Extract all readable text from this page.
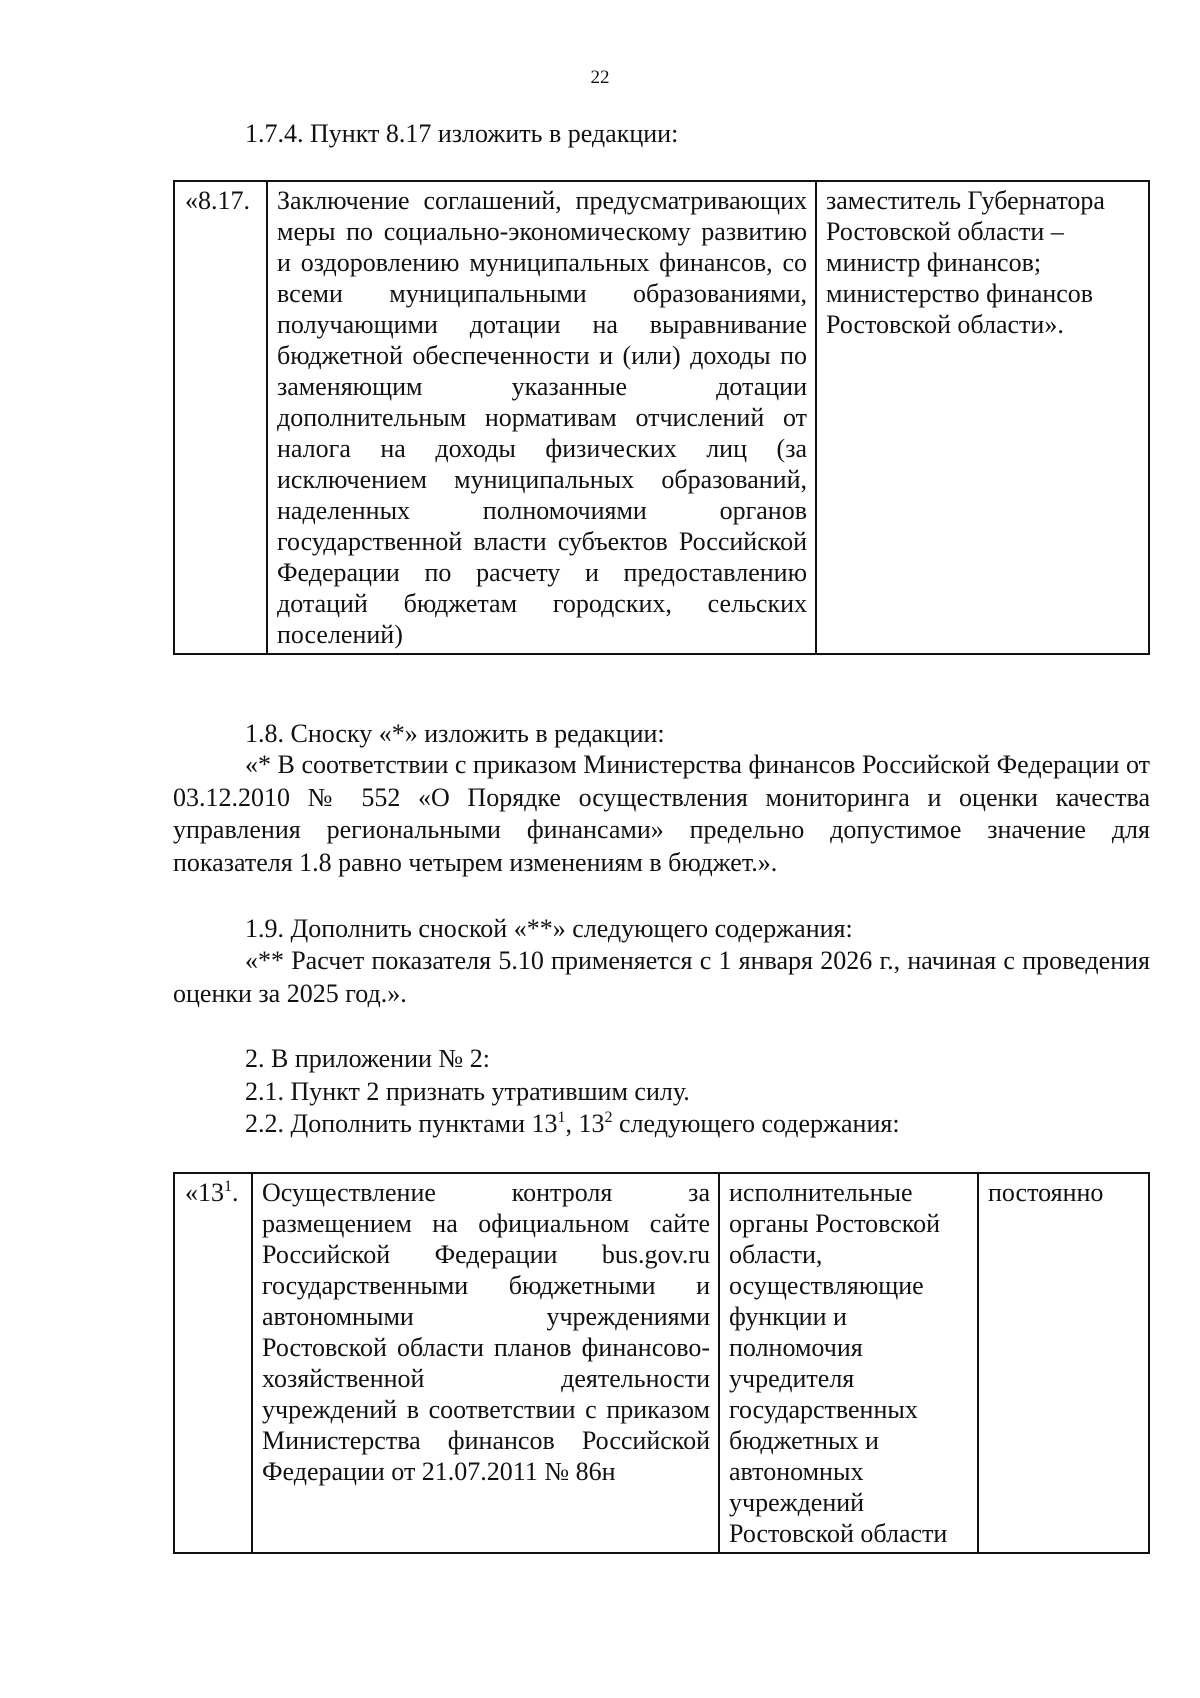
22
1.7.4. Пункт 8.17 изложить в редакции:
«8.17.	Заключение соглашений, предусматривающих меры по социально-экономическому развитию и оздоровлению муниципальных финансов, со всеми муниципальными образованиями, получающими дотации на выравнивание бюджетной обеспеченности и (или) доходы по заменяющим указанные дотации дополнительным нормативам отчислений от налога на доходы физических лиц (за исключением муниципальных образований, наделенных полномочиями органов государственной власти субъектов Российской Федерации по расчету и предоставлению дотаций бюджетам городских, сельских поселений)	заместитель Губернатора Ростовской области – министр финансов; министерство финансов Ростовской области».
1.8. Сноску «*» изложить в редакции:
«* В соответствии с приказом Министерства финансов Российской Федерации от 03.12.2010 № 552 «О Порядке осуществления мониторинга и оценки качества управления региональными финансами» предельно допустимое значение для показателя 1.8 равно четырем изменениям в бюджет.».
1.9. Дополнить сноской «**» следующего содержания:
«** Расчет показателя 5.10 применяется с 1 января 2026 г., начиная с проведения оценки за 2025 год.».
2. В приложении № 2:
2.1. Пункт 2 признать утратившим силу.
2.2. Дополнить пунктами $13^1$, $13^2$ следующего содержания:
«$13^1$.	Осуществление контроля за размещением на официальном сайте Российской Федерации bus.gov.ru государственными бюджетными и автономными учреждениями Ростовской области планов финансово-хозяйственной деятельности учреждений в соответствии с приказом Министерства финансов Российской Федерации от 21.07.2011 № 86н	исполнительные органы Ростовской области, осуществляющие функции и полномочия учредителя государственных бюджетных и автономных учреждений Ростовской области	постоянно
